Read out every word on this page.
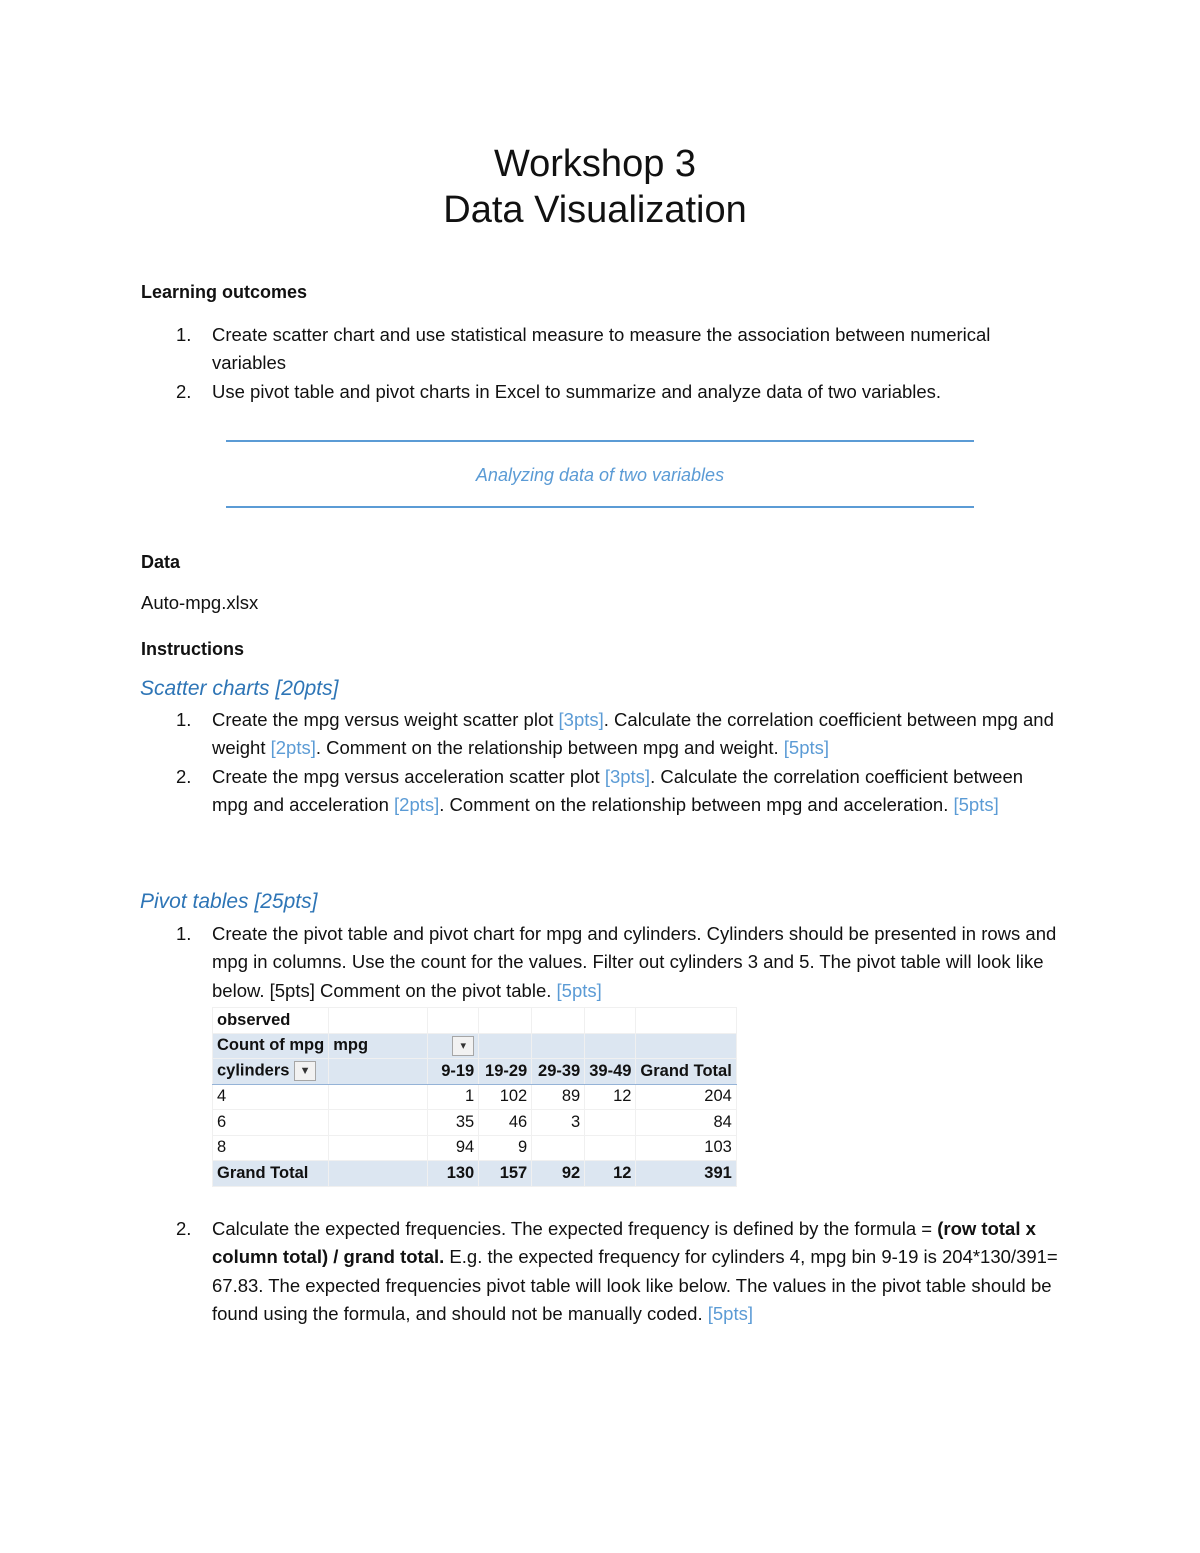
Workshop 3
Data Visualization

Learning outcomes

1. Create scatter chart and use statistical measure to measure the association between numerical variables
2. Use pivot table and pivot charts in Excel to summarize and analyze data of two variables.
Analyzing data of two variables

Data

Auto-mpg.xlsx

Instructions

Scatter charts [20pts]
1. Create the mpg versus weight scatter plot [3pts]. Calculate the correlation coefficient between mpg and weight [2pts]. Comment on the relationship between mpg and weight. [5pts]
2. Create the mpg versus acceleration scatter plot [3pts]. Calculate the correlation coefficient between mpg and acceleration [2pts]. Comment on the relationship between mpg and acceleration. [5pts]
Pivot tables [25pts]
1. Create the pivot table and pivot chart for mpg and cylinders. Cylinders should be presented in rows and mpg in columns. Use the count for the values. Filter out cylinders 3 and 5. The pivot table will look like below. [5pts] Comment on the pivot table. [5pts]
observed						
Count of mpg	mpg	▾				
cylinders ▼		9-19	19-29	29-39	39-49	Grand Total
4		1	102	89	12	204
6		35	46	3		84
8		94	9			103
Grand Total		130	157	92	12	391
2. Calculate the expected frequencies. The expected frequency is defined by the formula = (row total x column total) / grand total. E.g. the expected frequency for cylinders 4, mpg bin 9-19 is 204*130/391= 67.83. The expected frequencies pivot table will look like below. The values in the pivot table should be found using the formula, and should not be manually coded. [5pts]
